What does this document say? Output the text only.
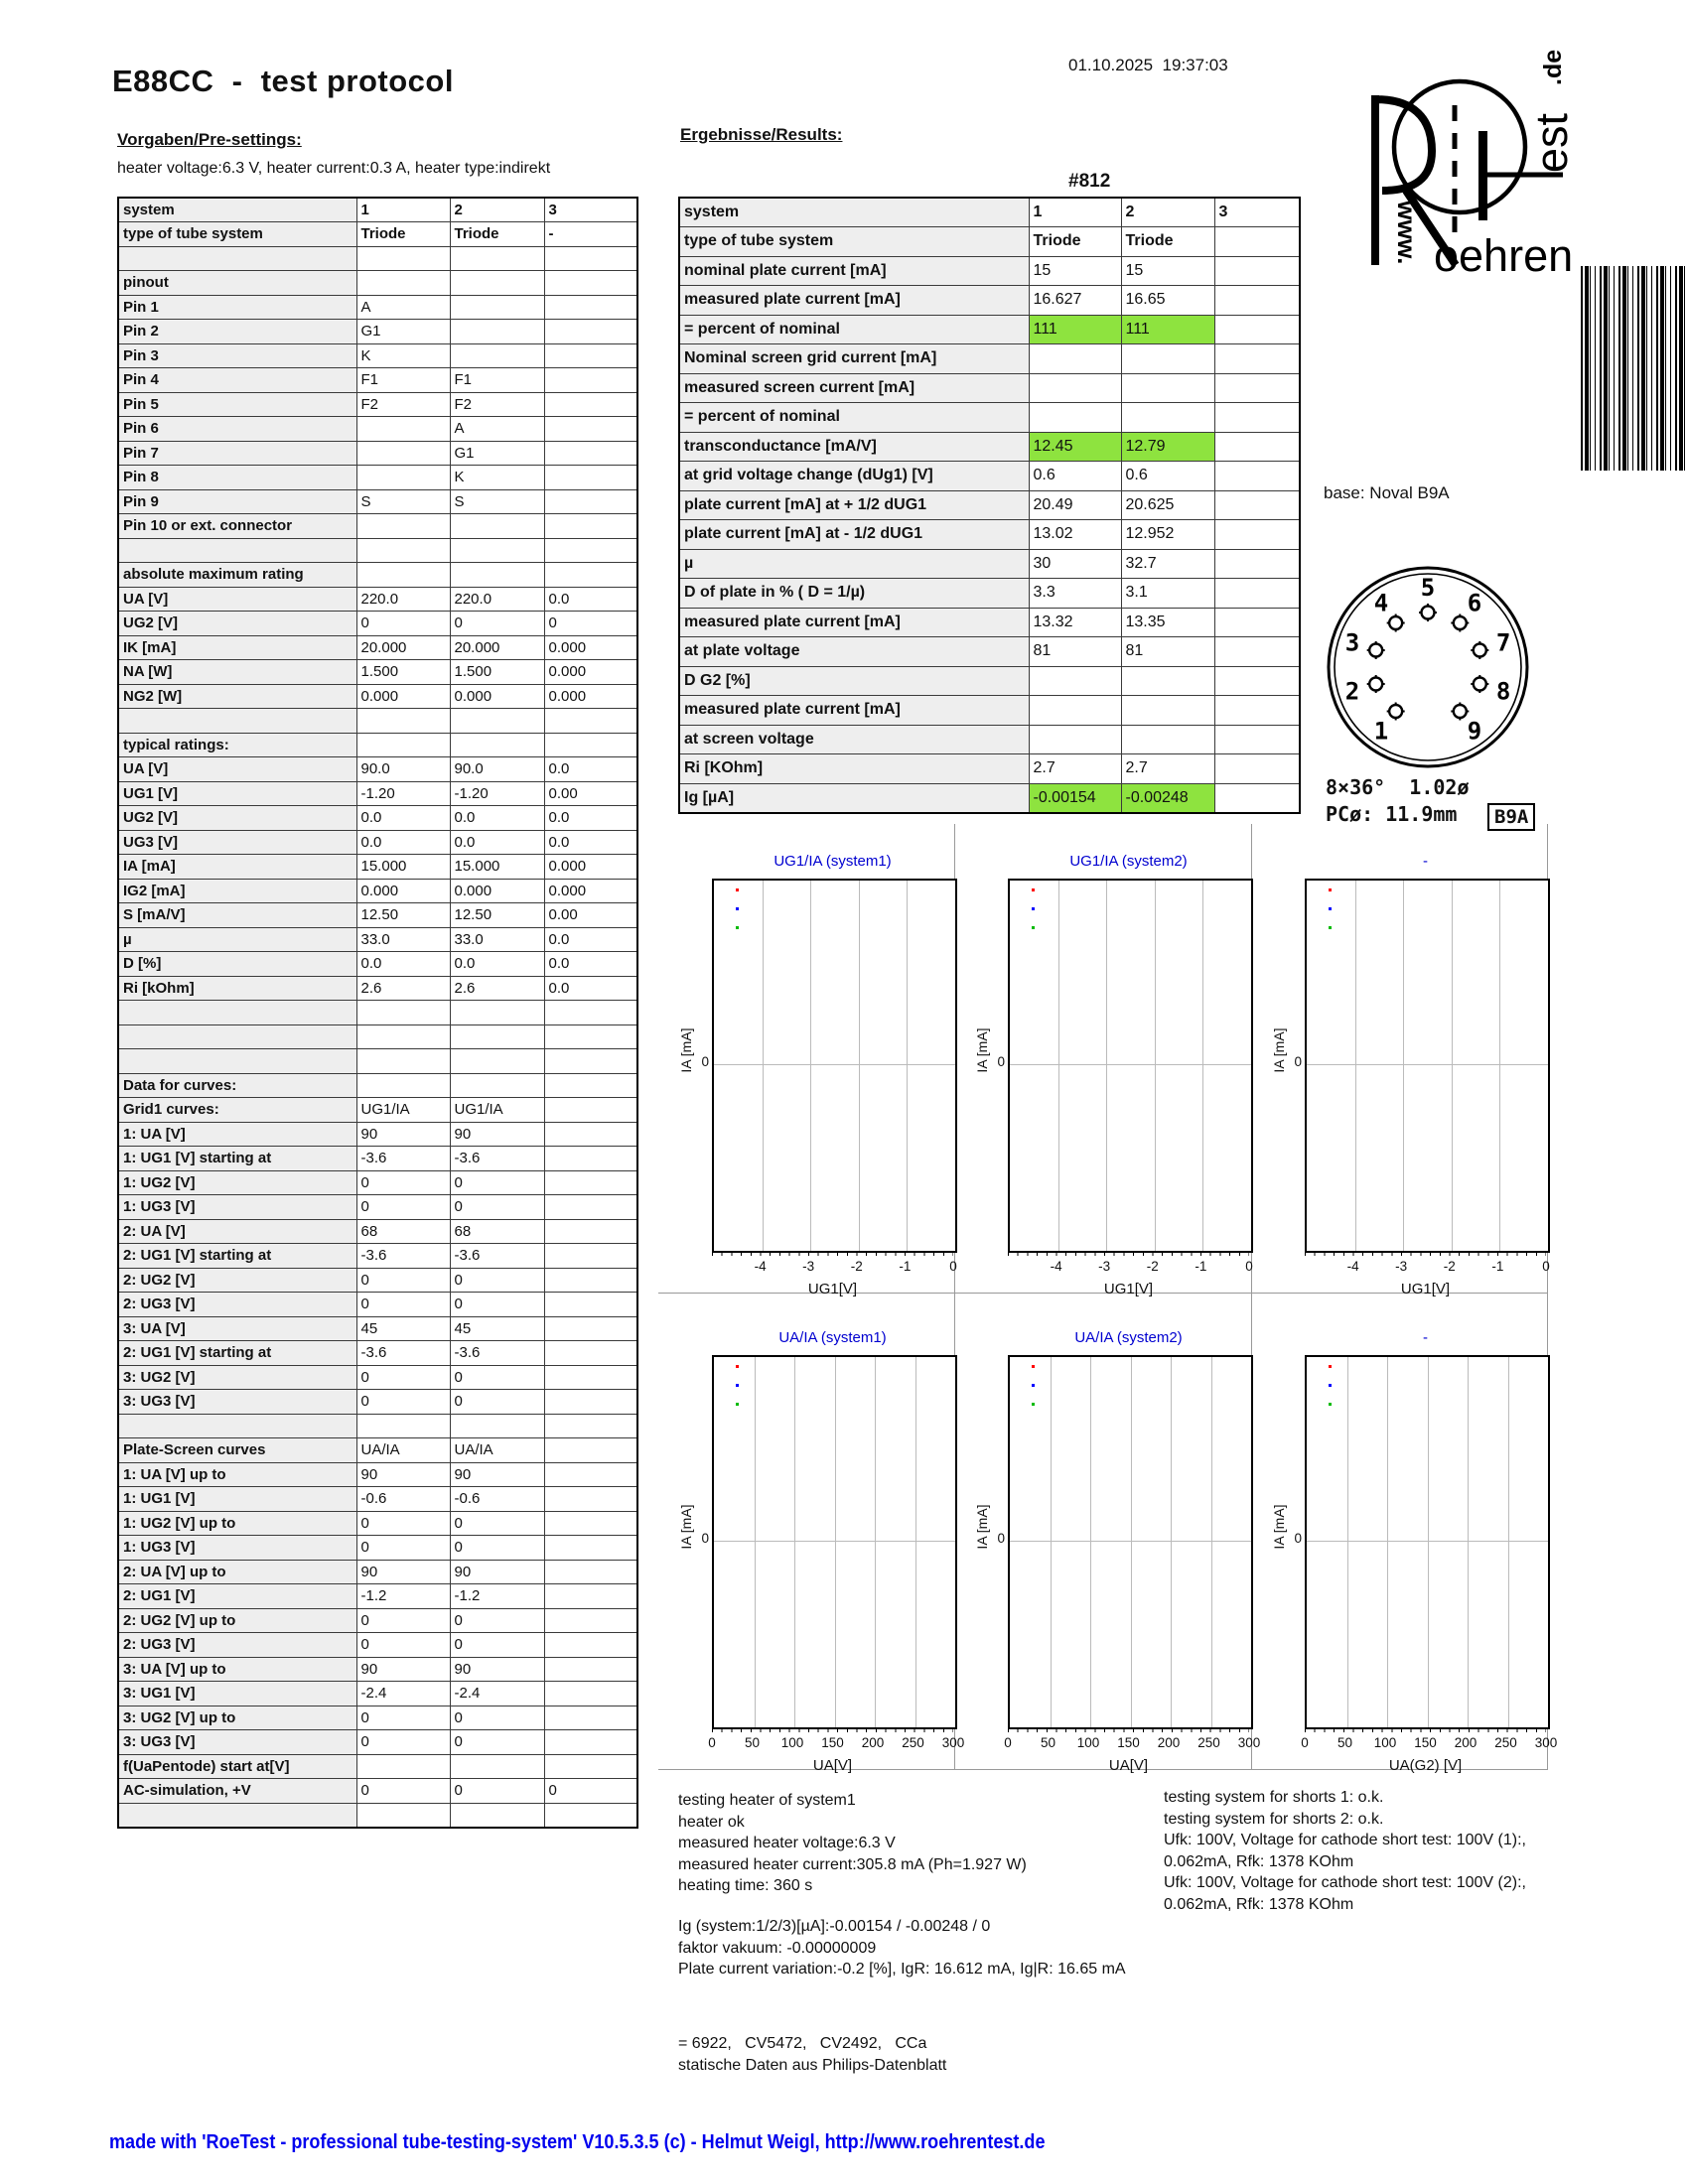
01.10.2025  19:37:03
E88CC  -  test protocol
www. oehren
est
.de
Vorgaben/Pre-settings:
heater voltage:6.3 V, heater current:0.3 A, heater type:indirekt
Ergebnisse/Results:
#812
system	1	2	3
type of tube system	Triode	Triode	-

pinout			
Pin 1	A		
Pin 2	G1		
Pin 3	K		
Pin 4	F1	F1	
Pin 5	F2	F2	
Pin 6		A	
Pin 7		G1	
Pin 8		K	
Pin 9	S	S	
Pin 10 or ext. connector			

absolute maximum rating			
UA [V]	220.0	220.0	0.0
UG2 [V]	0	0	0
IK [mA]	20.000	20.000	0.000
NA [W]	1.500	1.500	0.000
NG2 [W]	0.000	0.000	0.000

typical ratings:			
UA [V]	90.0	90.0	0.0
UG1 [V]	-1.20	-1.20	0.00
UG2 [V]	0.0	0.0	0.0
UG3 [V]	0.0	0.0	0.0
IA [mA]	15.000	15.000	0.000
IG2 [mA]	0.000	0.000	0.000
S [mA/V]	12.50	12.50	0.00
µ	33.0	33.0	0.0
D [%]	0.0	0.0	0.0
Ri [kOhm]	2.6	2.6	0.0

Data for curves:			
Grid1 curves:	UG1/IA	UG1/IA	
1: UA [V]	90	90	
1: UG1 [V] starting at	-3.6	-3.6	
1: UG2 [V]	0	0	
1: UG3 [V]	0	0	
2: UA [V]	68	68	
2: UG1 [V] starting at	-3.6	-3.6	
2: UG2 [V]	0	0	
2: UG3 [V]	0	0	
3: UA [V]	45	45	
2: UG1 [V] starting at	-3.6	-3.6	
3: UG2 [V]	0	0	
3: UG3 [V]	0	0	

Plate-Screen curves	UA/IA	UA/IA	
1: UA [V] up to	90	90	
1: UG1 [V]	-0.6	-0.6	
1: UG2 [V] up to	0	0	
1: UG3 [V]	0	0	
2: UA [V] up to	90	90	
2: UG1 [V]	-1.2	-1.2	
2: UG2 [V] up to	0	0	
2: UG3 [V]	0	0	
3: UA [V] up to	90	90	
3: UG1 [V]	-2.4	-2.4	
3: UG2 [V] up to	0	0	
3: UG3 [V]	0	0	
f(UaPentode) start at[V]			
AC-simulation, +V	0	0	0

system	1	2	3
type of tube system	Triode	Triode	
nominal plate current [mA]	15	15	
measured plate current [mA]	16.627	16.65	
= percent of nominal	111	111	
Nominal screen grid current [mA]			
measured screen current [mA]			
= percent of nominal			
transconductance [mA/V]	12.45	12.79	
at grid voltage change (dUg1) [V]	0.6	0.6	
plate current [mA] at + 1/2 dUG1	20.49	20.625	
plate current [mA] at - 1/2 dUG1	13.02	12.952	
µ	30	32.7	
D of plate in % ( D = 1/µ)	3.3	3.1	
measured plate current [mA]	13.32	13.35	
at plate voltage	81	81	
D G2 [%]			
measured plate current [mA]			
at screen voltage			
Ri [KOhm]	2.7	2.7	
Ig [µA]	-0.00154	-0.00248	
base: Noval B9A
1
2
3
4
5
6
7
8
9
8×36°  1.02ø
PCø: 11.9mm	B9A
UG1/IA (system1)
-4	-3	-2	-1	0
UG1[V]
IA [mA] 0
UG1/IA (system2)
-4	-3	-2	-1	0
UG1[V]
IA [mA] 0
-
-4	-3	-2	-1	0
UG1[V]
IA [mA] 0
UA/IA (system1)
0	50	100	150	200	250	300
UA[V]
IA [mA] 0
UA/IA (system2)
0	50	100	150	200	250	300
UA[V]
IA [mA] 0
-
0	50	100	150	200	250	300
UA(G2) [V]
IA [mA] 0
testing heater of system1
heater ok
measured heater voltage:6.3 V
measured heater current:305.8 mA (Ph=1.927 W)
heating time: 360 s
Ig (system:1/2/3)[µA]:-0.00154 / -0.00248 / 0
faktor vakuum: -0.00000009
Plate current variation:-0.2 [%], IgR: 16.612 mA, Ig|R: 16.65 mA
testing system for shorts 1: o.k.
testing system for shorts 2: o.k.
Ufk: 100V, Voltage for cathode short test: 100V (1):,
0.062mA, Rfk: 1378 KOhm
Ufk: 100V, Voltage for cathode short test: 100V (2):,
0.062mA, Rfk: 1378 KOhm
= 6922,   CV5472,   CV2492,   CCa
statische Daten aus Philips-Datenblatt
made with 'RoeTest - professional tube-testing-system' V10.5.3.5 (c) - Helmut Weigl, http://www.roehrentest.de
